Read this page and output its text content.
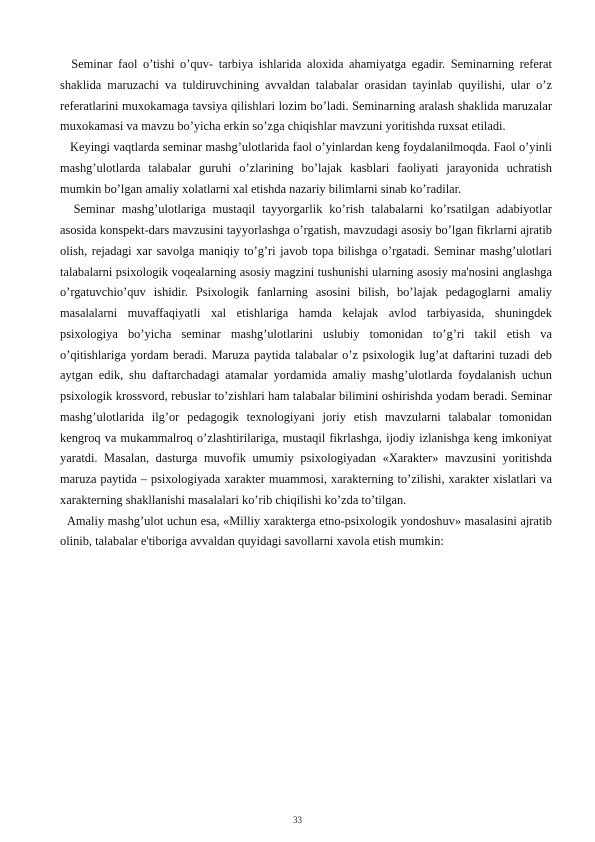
Seminar faol o’tishi o’quv- tarbiya ishlarida aloxida ahamiyatga egadir. Seminarning referat shaklida maruzachi va tuldiruvchining avvaldan talabalar orasidan tayinlab quyilishi, ular o’z referatlarini muxokamaga tavsiya qilishlari lozim bo’ladi. Seminarning aralash shaklida maruzalar muxokamasi va mavzu bo’yicha erkin so’zga chiqishlar mavzuni yoritishda ruxsat etiladi.

Keyingi vaqtlarda seminar mashg’ulotlarida faol o’yinlardan keng foydalanilmoqda. Faol o’yinli mashg’ulotlarda talabalar guruhi o’zlarining bo’lajak kasblari faoliyati jarayonida uchratish mumkin bo’lgan amaliy xolatlarni xal etishda nazariy bilimlarni sinab ko’radilar.

Seminar mashg’ulotlariga mustaqil tayyorgarlik ko’rish talabalarni ko’rsatilgan adabiyotlar asosida konspekt-dars mavzusini tayyorlashga o’rgatish, mavzudagi asosiy bo’lgan fikrlarni ajratib olish, rejadagi xar savolga maniqiy to’g’ri javob topa bilishga o’rgatadi. Seminar mashg’ulotlari talabalarni psixologik voqealarning asosiy magzini tushunishi ularning asosiy ma'nosini anglashga o’rgatuvchio’quv ishidir. Psixologik fanlarning asosini bilish, bo’lajak pedagoglarni amaliy masalalarni muvaffaqiyatli xal etishlariga hamda kelajak avlod tarbiyasida, shuningdek psixologiya bo’yicha seminar mashg’ulotlarini uslubiy tomonidan to’g’ri takil etish va o’qitishlariga yordam beradi. Maruza paytida talabalar o’z psixologik lug’at daftarini tuzadi deb aytgan edik, shu daftarchadagi atamalar yordamida amaliy mashg’ulotlarda foydalanish uchun psixologik krossvord, rebuslar to’zishlari ham talabalar bilimini oshirishda yodam beradi. Seminar mashg’ulotlarida ilg’or pedagogik texnologiyani joriy etish mavzularni talabalar tomonidan kengroq va mukammalroq o’zlashtirilariga, mustaqil fikrlashga, ijodiy izlanishga keng imkoniyat yaratdi. Masalan, dasturga muvofik umumiy psixologiyadan «Xarakter» mavzusini yoritishda maruza paytida – psixologiyada xarakter muammosi, xarakterning to’zilishi, xarakter xislatlari va xarakterning shakllanishi masalalari ko’rib chiqilishi ko’zda to’tilgan.

Amaliy mashg’ulot uchun esa, «Milliy xarakterga etno-psixologik yondoshuv» masalasini ajratib olinib, talabalar e'tiboriga avvaldan quyidagi savollarni xavola etish mumkin:

33
